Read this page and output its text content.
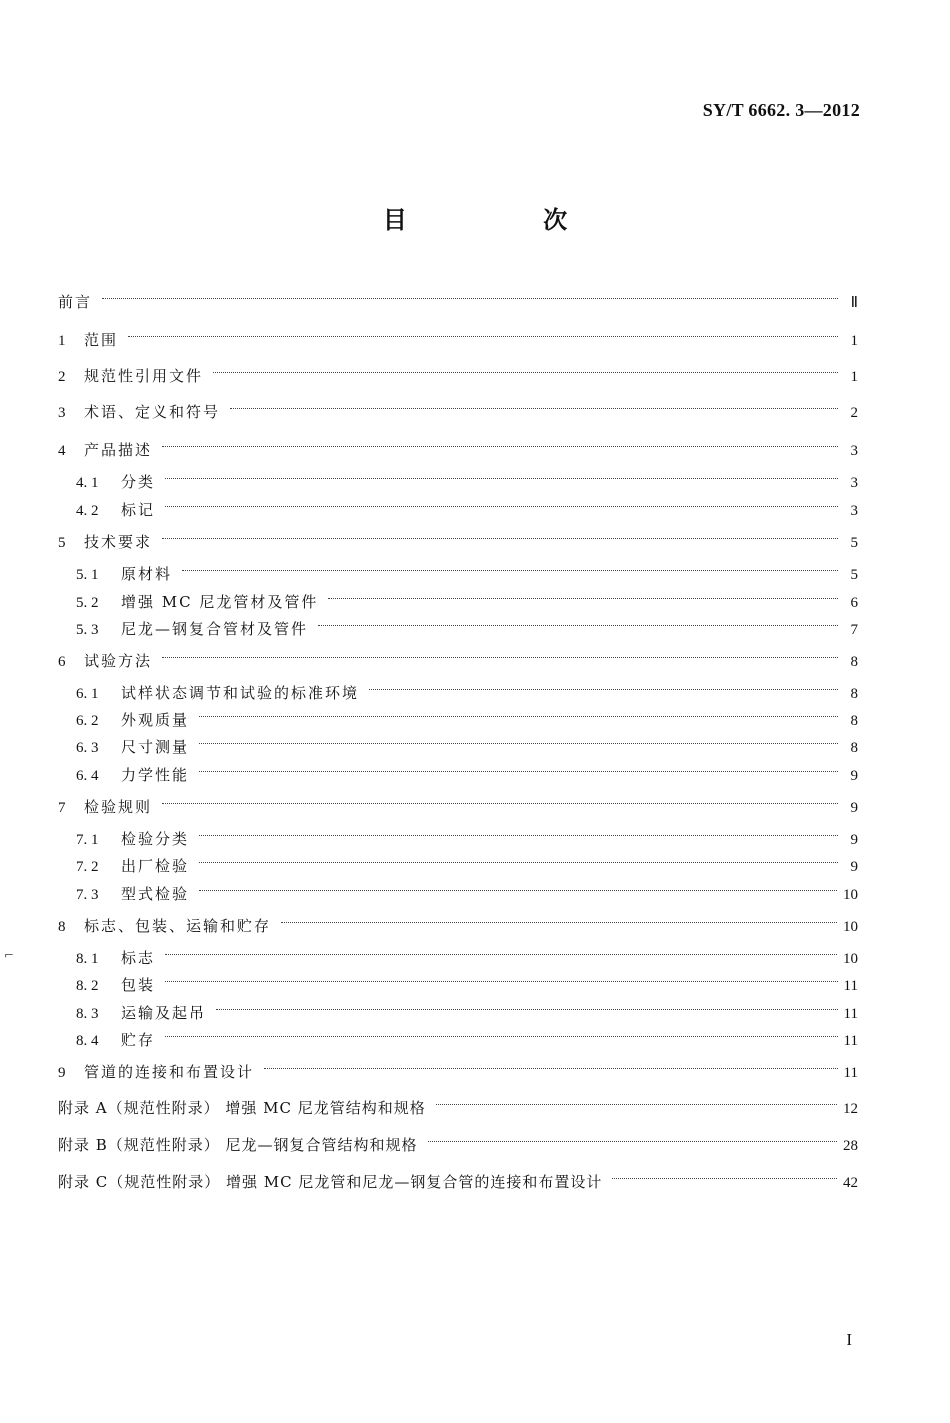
SY/T 6662. 3—2012
目 次
前言	Ⅱ
1	范围	1
2	规范性引用文件	1
3	术语、定义和符号	2
4	产品描述	3
4. 1	分类	3
4. 2	标记	3
5	技术要求	5
5. 1	原材料	5
5. 2	增强 MC 尼龙管材及管件	6
5. 3	尼龙—钢复合管材及管件	7
6	试验方法	8
6. 1	试样状态调节和试验的标准环境	8
6. 2	外观质量	8
6. 3	尺寸测量	8
6. 4	力学性能	9
7	检验规则	9
7. 1	检验分类	9
7. 2	出厂检验	9
7. 3	型式检验	10
8	标志、包装、运输和贮存	10
8. 1	标志	10
8. 2	包装	11
8. 3	运输及起吊	11
8. 4	贮存	11
9	管道的连接和布置设计	11
附录 A（规范性附录） 增强 MC 尼龙管结构和规格	12
附录 B（规范性附录） 尼龙—钢复合管结构和规格	28
附录 C（规范性附录） 增强 MC 尼龙管和尼龙—钢复合管的连接和布置设计	42
⌐
I
